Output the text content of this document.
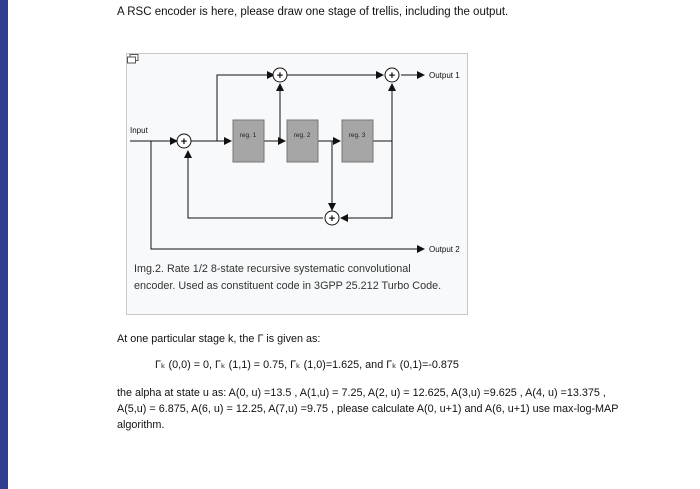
A RSC encoder is here, please draw one stage of trellis, including the output.
reg. 1	reg. 2	reg. 3
+
+	+
+
Input
Output 1
Output 2
Img.2. Rate 1/2 8-state recursive systematic convolutional encoder. Used as constituent code in 3GPP 25.212 Turbo Code.
At one particular stage k, the Γ is given as:
Γₖ (0,0) = 0, Γₖ (1,1) = 0.75, Γₖ (1,0)=1.625, and Γₖ (0,1)=-0.875
the alpha at state u as: A(0, u) =13.5 , A(1,u) = 7.25, A(2, u) = 12.625, A(3,u) =9.625 , A(4, u) =13.375 , A(5,u) = 6.875, A(6, u) = 12.25, A(7,u) =9.75 , please calculate A(0, u+1) and A(6, u+1) use max-log-MAP algorithm.
